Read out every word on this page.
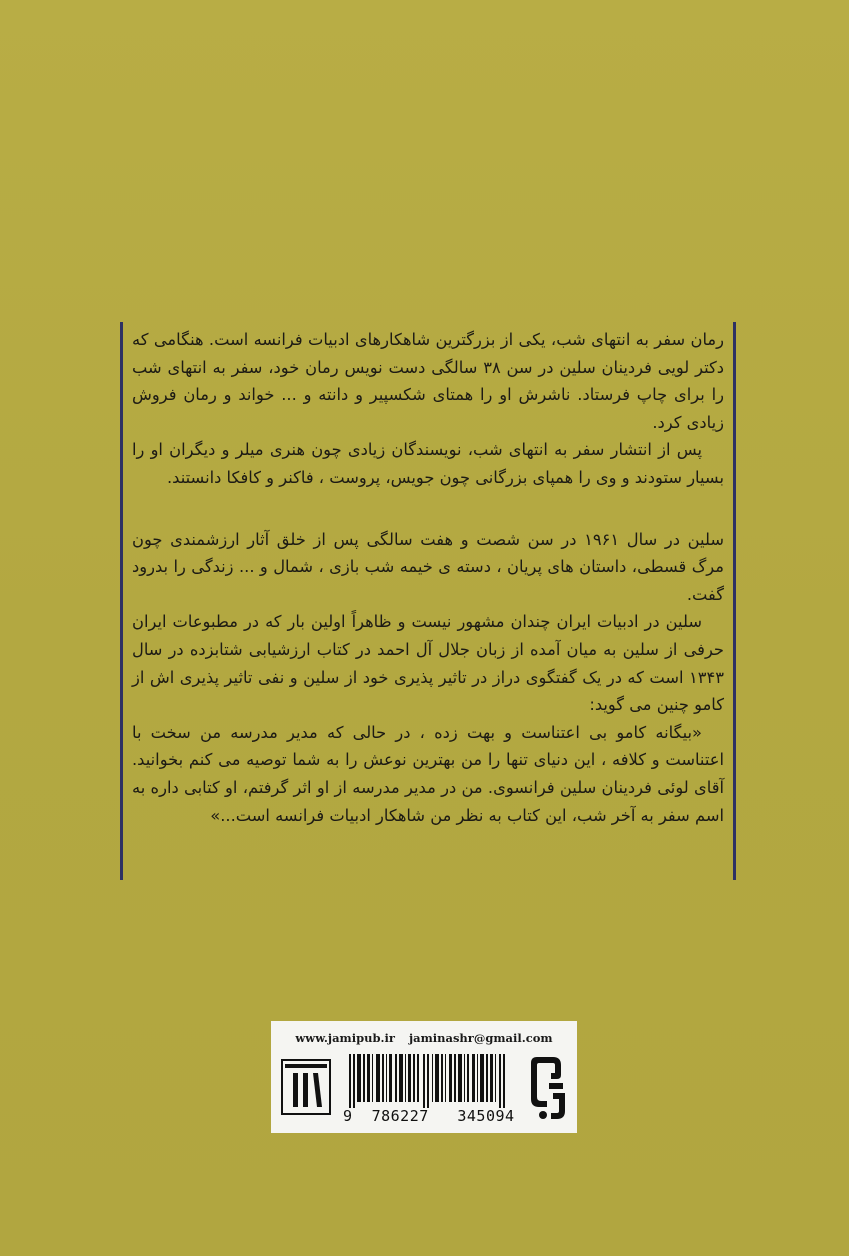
رمان سفر به انتهای شب، یکی از بزرگترین شاهکارهای ادبیات فرانسه است. هنگامی که دکتر لویی فردینان سلین در سن ۳۸ سالگی دست نویس رمان خود، سفر به انتهای شب را برای چاپ فرستاد. ناشرش او را همتای شکسپیر و دانته و ... خواند و رمان فروش زیادی کرد.

پس از انتشار سفر به انتهای شب، نویسندگان زیادی چون هنری میلر و دیگران او را بسیار ستودند و وی را همپای بزرگانی چون جویس، پروست ، فاکنر و کافکا دانستند.

سلین در سال ۱۹۶۱ در سن شصت و هفت سالگی پس از خلق آثار ارزشمندی چون مرگ قسطی، داستان های پریان ، دسته ی خیمه شب بازی ، شمال و ... زندگی را بدرود گفت.

سلین در ادبیات ایران چندان مشهور نیست و ظاهراً اولین بار که در مطبوعات ایران حرفی از سلین به میان آمده از زبان جلال آل احمد در کتاب ارزشیابی شتابزده در سال ۱۳۴۳ است که در یک گفتگوی دراز در تاثیر پذیری خود از سلین و نفی تاثیر پذیری اش از کامو چنین می گوید:

«بیگانه کامو بی اعتناست و بهت زده ، در حالی که مدیر مدرسه من سخت با اعتناست و کلافه ، این دنیای تنها را من بهترین نوعش را به شما توصیه می کنم بخوانید. آقای لوئی فردینان سلین فرانسوی. من در مدیر مدرسه از او اثر گرفتم، او کتابی داره به اسم سفر به آخر شب، این کتاب به نظر من شاهکار ادبیات فرانسه است...»

www.jamipub.ir jaminashr@gmail.com
9  786227   345094
